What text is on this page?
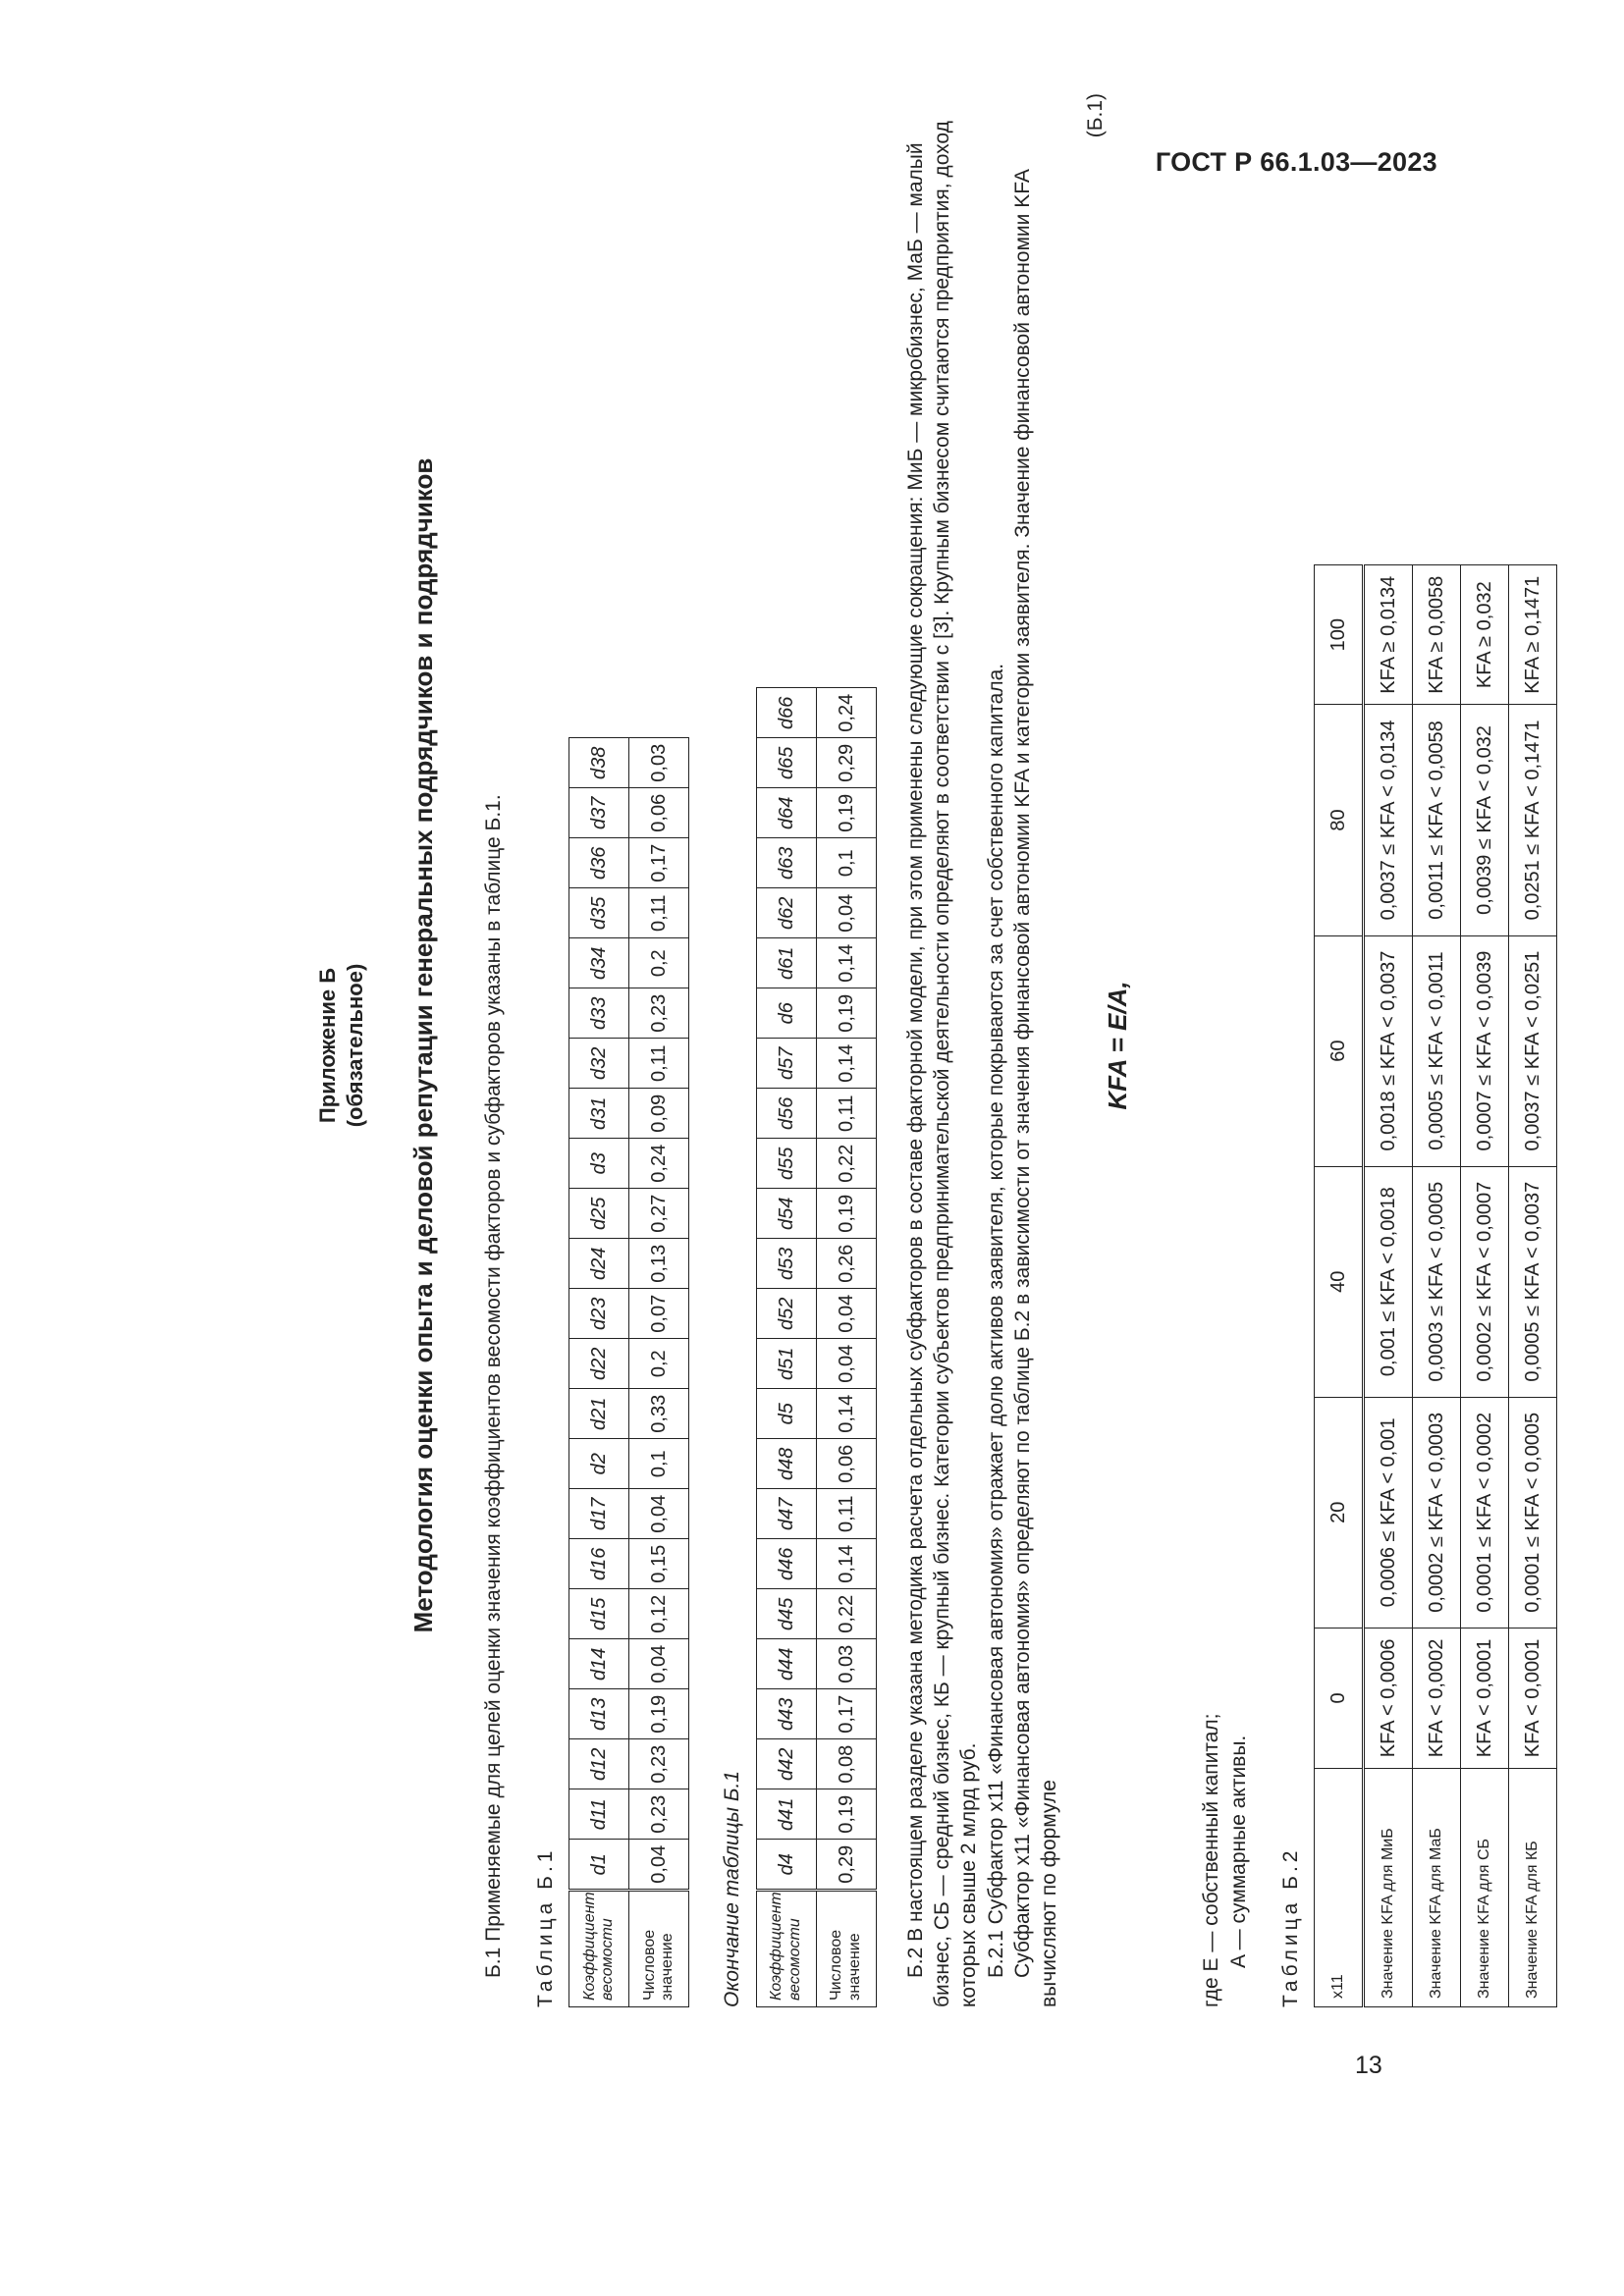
ГОСТ Р 66.1.03—2023
13
Приложение Б (обязательное) Методология оценки опыта и деловой репутации генеральных подрядчиков и подрядчиков Б.1 Применяемые для целей оценки значения коэффициентов весомости факторов и субфакторов указаны в таблице Б.1. Таблица Б.1 Коэффициент весомости	d1	d11	d12	d13	d14	d15	d16	d17	d2	d21	d22	d23	d24	d25	d3	d31	d32	d33	d34	d35	d36	d37	d38
Числовое значение	0,04	0,23	0,23	0,19	0,04	0,12	0,15	0,04	0,1	0,33	0,2	0,07	0,13	0,27	0,24	0,09	0,11	0,23	0,2	0,11	0,17	0,06	0,03
Окончание таблицы Б.1 Коэффициент весомости	d4	d41	d42	d43	d44	d45	d46	d47	d48	d5	d51	d52	d53	d54	d55	d56	d57	d6	d61	d62	d63	d64	d65	d66
Числовое значение	0,29	0,19	0,08	0,17	0,03	0,22	0,14	0,11	0,06	0,14	0,04	0,04	0,26	0,19	0,22	0,11	0,14	0,19	0,14	0,04	0,1	0,19	0,29	0,24 Б.2 В настоящем разделе указана методика расчета отдельных субфакторов в составе факторной модели, при этом применены следующие сокращения: МиБ — микробизнес, МаБ — малый бизнес, СБ — средний бизнес, КБ — крупный бизнес. Категории субъектов предпринимательской деятельности определяют в соответствии с [3]. Крупным бизнесом считаются предприятия, доход которых свыше 2 млрд руб. Б.2.1 Субфактор x11 «Финансовая автономия» отражает долю активов заявителя, которые покрываются за счет собственного капитала. Субфактор x11 «Финансовая автономия» определяют по таблице Б.2 в зависимости от значения финансовой автономии KFA и категории заявителя. Значение финансовой автономии KFA вычисляют по формуле

KFA = E/A,
(Б.1)
где E — собственный капитал; A — суммарные активы. Таблица Б.2 x11	0	20	40	60	80	100
Значение KFA для МиБ	KFA < 0,0006	0,0006 ≤ KFA < 0,001	0,001 ≤ KFA < 0,0018	0,0018 ≤ KFA < 0,0037	0,0037 ≤ KFA < 0,0134	KFA ≥ 0,0134
Значение KFA для МаБ	KFA < 0,0002	0,0002 ≤ KFA < 0,0003	0,0003 ≤ KFA < 0,0005	0,0005 ≤ KFA < 0,0011	0,0011 ≤ KFA < 0,0058	KFA ≥ 0,0058
Значение KFA для СБ	KFA < 0,0001	0,0001 ≤ KFA < 0,0002	0,0002 ≤ KFA < 0,0007	0,0007 ≤ KFA < 0,0039	0,0039 ≤ KFA < 0,032	KFA ≥ 0,032
Значение KFA для КБ	KFA < 0,0001	0,0001 ≤ KFA < 0,0005	0,0005 ≤ KFA < 0,0037	0,0037 ≤ KFA < 0,0251	0,0251 ≤ KFA < 0,1471	KFA ≥ 0,1471
